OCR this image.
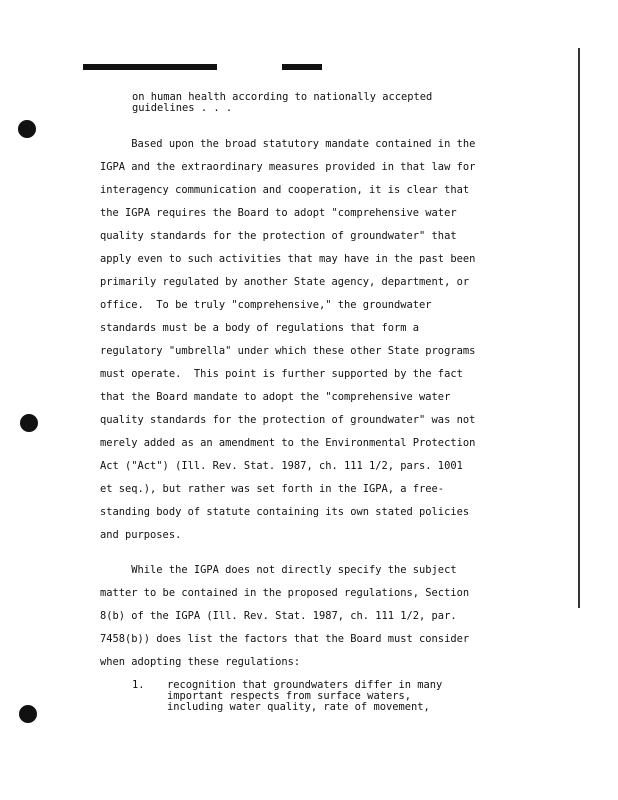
on human health according to nationally accepted
guidelines . . .
Based upon the broad statutory mandate contained in the
IGPA and the extraordinary measures provided in that law for
interagency communication and cooperation, it is clear that
the IGPA requires the Board to adopt "comprehensive water
quality standards for the protection of groundwater" that
apply even to such activities that may have in the past been
primarily regulated by another State agency, department, or
office.  To be truly "comprehensive," the groundwater
standards must be a body of regulations that form a
regulatory "umbrella" under which these other State programs
must operate.  This point is further supported by the fact
that the Board mandate to adopt the "comprehensive water
quality standards for the protection of groundwater" was not
merely added as an amendment to the Environmental Protection
Act ("Act") (Ill. Rev. Stat. 1987, ch. 111 1/2, pars. 1001
et seq.), but rather was set forth in the IGPA, a free-
standing body of statute containing its own stated policies
and purposes.
While the IGPA does not directly specify the subject
matter to be contained in the proposed regulations, Section
8(b) of the IGPA (Ill. Rev. Stat. 1987, ch. 111 1/2, par.
7458(b)) does list the factors that the Board must consider
when adopting these regulations:
1. recognition that groundwaters differ in many
important respects from surface waters,
including water quality, rate of movement,
